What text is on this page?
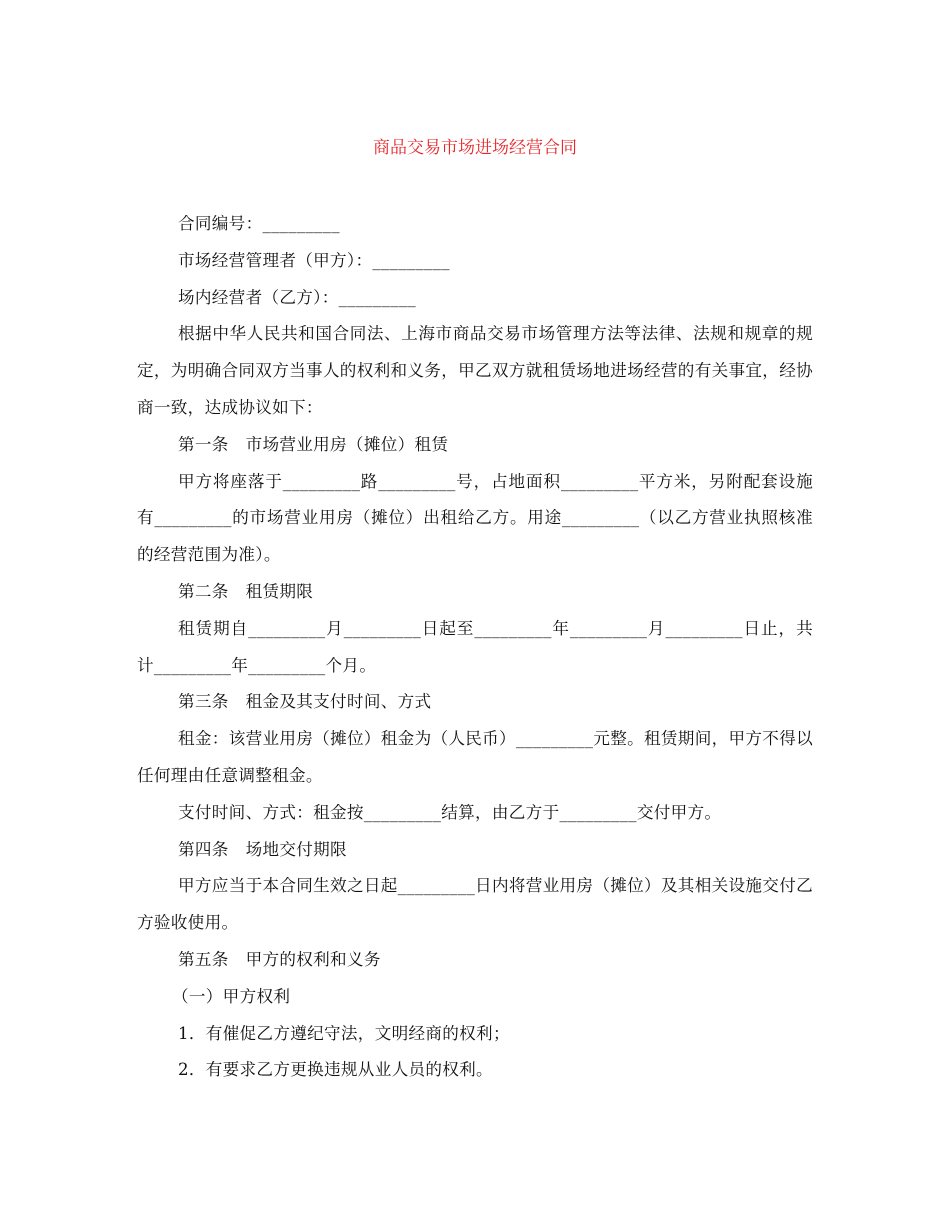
商品交易市场进场经营合同

合同编号：_________

市场经营管理者（甲方）：_________

场内经营者（乙方）：_________

根据中华人民共和国合同法、上海市商品交易市场管理方法等法律、法规和规章的规定，为明确合同双方当事人的权利和义务，甲乙双方就租赁场地进场经营的有关事宜，经协商一致，达成协议如下：

第一条　市场营业用房（摊位）租赁

甲方将座落于_________路_________号，占地面积_________平方米，另附配套设施有_________的市场营业用房（摊位）出租给乙方。用途_________（以乙方营业执照核准的经营范围为准）。

第二条　租赁期限

租赁期自_________月_________日起至_________年_________月_________日止，共计_________年_________个月。

第三条　租金及其支付时间、方式

租金：该营业用房（摊位）租金为（人民币）_________元整。租赁期间，甲方不得以任何理由任意调整租金。

支付时间、方式：租金按_________结算，由乙方于_________交付甲方。

第四条　场地交付期限

甲方应当于本合同生效之日起_________日内将营业用房（摊位）及其相关设施交付乙方验收使用。

第五条　甲方的权利和义务

（一）甲方权利

1．有催促乙方遵纪守法，文明经商的权利；

2．有要求乙方更换违规从业人员的权利。
